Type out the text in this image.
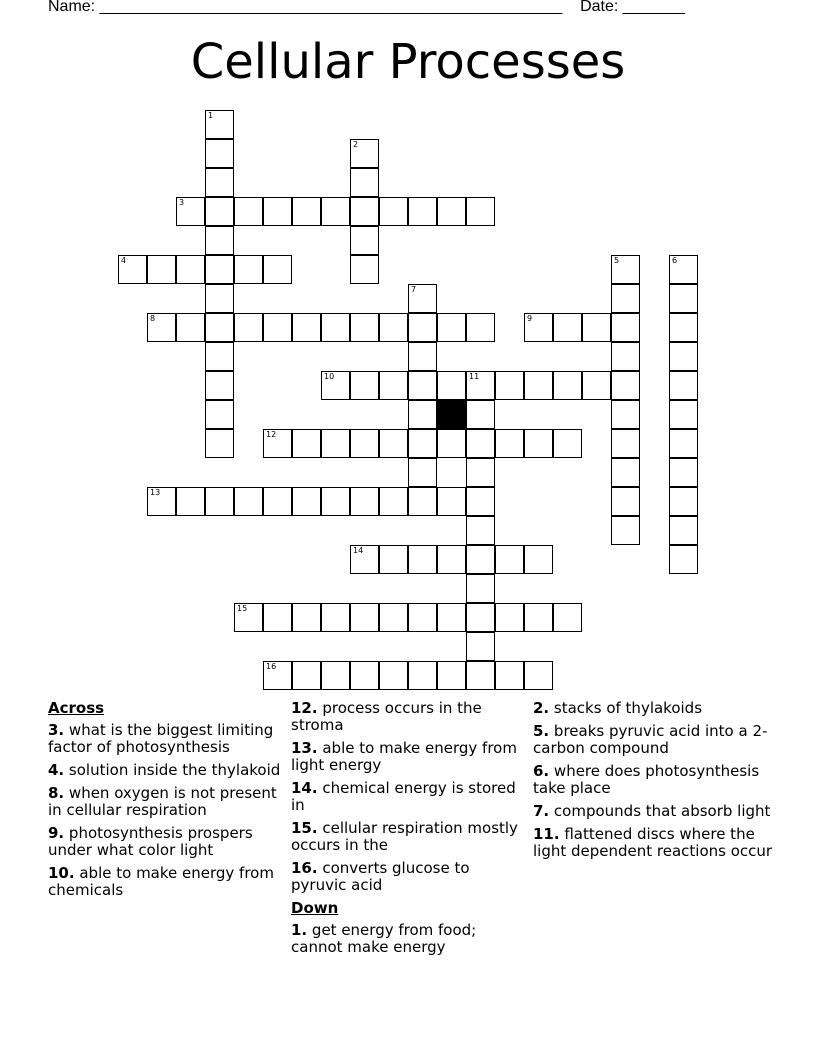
Name: ____________________________________________________ Date: _______
Cellular Processes
3
4
8	9
10	11
12
13
14
15
16
1
2
5	6
7
Across
3. what is the biggest limiting factor of photosynthesis
4. solution inside the thylakoid
8. when oxygen is not present in cellular respiration
9. photosynthesis prospers under what color light
10. able to make energy from chemicals
12. process occurs in the stroma
13. able to make energy from light energy
14. chemical energy is stored in
15. cellular respiration mostly occurs in the
16. converts glucose to pyruvic acid
Down
1. get energy from food; cannot make energy
2. stacks of thylakoids
5. breaks pyruvic acid into a 2-carbon compound
6. where does photosynthesis take place
7. compounds that absorb light
11. flattened discs where the light dependent reactions occur
